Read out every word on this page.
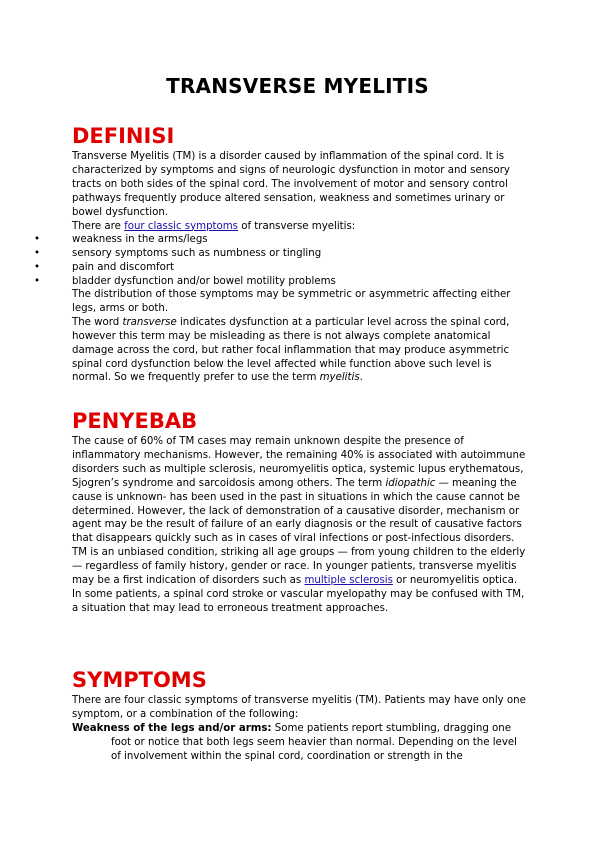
TRANSVERSE MYELITIS
DEFINISI

Transverse Myelitis (TM) is a disorder caused by inflammation of the spinal cord. It is characterized by symptoms and signs of neurologic dysfunction in motor and sensory tracts on both sides of the spinal cord. The involvement of motor and sensory control pathways frequently produce altered sensation, weakness and sometimes urinary or bowel dysfunction.

There are four classic symptoms of transverse myelitis:

•	weakness in the arms/legs
•	sensory symptoms such as numbness or tingling
•	pain and discomfort
•	bladder dysfunction and/or bowel motility problems

The distribution of those symptoms may be symmetric or asymmetric affecting either legs, arms or both.

The word transverse indicates dysfunction at a particular level across the spinal cord, however this term may be misleading as there is not always complete anatomical damage across the cord, but rather focal inflammation that may produce asymmetric spinal cord dysfunction below the level affected while function above such level is normal. So we frequently prefer to use the term myelitis.

PENYEBAB

The cause of 60% of TM cases may remain unknown despite the presence of inflammatory mechanisms. However, the remaining 40% is associated with autoimmune disorders such as multiple sclerosis, neuromyelitis optica, systemic lupus erythematous, Sjogren’s syndrome and sarcoidosis among others. The term idiopathic — meaning the cause is unknown- has been used in the past in situations in which the cause cannot be determined. However, the lack of demonstration of a causative disorder, mechanism or agent may be the result of failure of an early diagnosis or the result of causative factors that disappears quickly such as in cases of viral infections or post-infectious disorders.

TM is an unbiased condition, striking all age groups — from young children to the elderly — regardless of family history, gender or race. In younger patients, transverse myelitis may be a first indication of disorders such as multiple sclerosis or neuromyelitis optica. In some patients, a spinal cord stroke or vascular myelopathy may be confused with TM, a situation that may lead to erroneous treatment approaches.

SYMPTOMS

There are four classic symptoms of transverse myelitis (TM). Patients may have only one symptom, or a combination of the following:

Weakness of the legs and/or arms: Some patients report stumbling, dragging one foot or notice that both legs seem heavier than normal. Depending on the level of involvement within the spinal cord, coordination or strength in the
